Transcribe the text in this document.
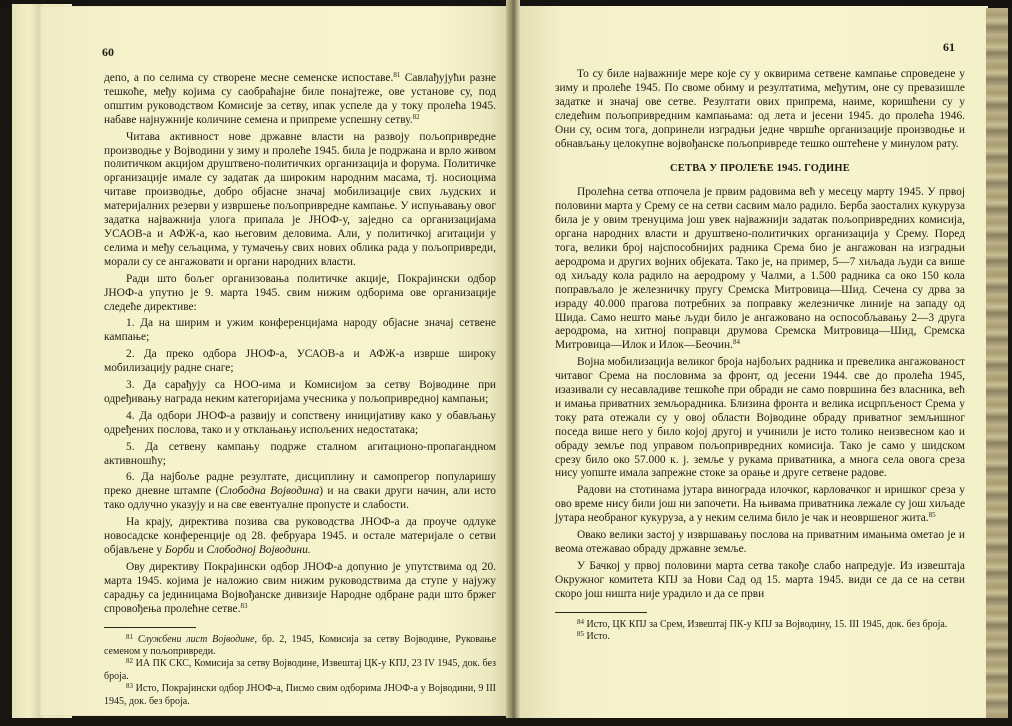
60

депо, а по селима су створене месне семенске испоставе.$^{81}$ Савлађујући разне тешкоће, међу којима су саобраћајне биле понајтеже, ове установе су, под општим руководством Комисије за сетву, ипак успеле да у току пролећа 1945. набаве најнужније количине семена и припреме успешну сетву.$^{82}$

Читава активност нове државне власти на развоју пољопривредне производње у Војводини у зиму и пролеће 1945. била је подржана и врло живом политичком акцијом друштвено-политичких организација и форума. Политичке организације имале су задатак да широким народним масама, тј. носиоцима читаве производње, добро објасне значај мобилизације свих људских и материјалних резерви у извршење пољопривредне кампање. У испуњавању овог задатка најважнија улога припала је ЈНОФ-у, заједно са организацијама УСАОВ-а и АФЖ-а, као његовим деловима. Али, у политичкој агитацији у селима и међу сељацима, у тумачењу свих нових облика рада у пољопривреди, морали су се ангажовати и органи народних власти.

Ради што бољег организовања политичке акције, Покрајински одбор ЈНОФ-а упутио је 9. марта 1945. свим нижим одборима ове организације следеће директиве:

1. Да на ширим и ужим конференцијама народу објасне значај сетвене кампање;

2. Да преко одбора ЈНОФ-а, УСАОВ-а и АФЖ-а изврше широку мобилизацију радне снаге;

3. Да сарађују са НОО-има и Комисијом за сетву Војводине при одређивању награда неким категоријама учесника у пољопривредној кампањи;

4. Да одбори ЈНОФ-а развију и сопствену иницијативу како у обављању одређених послова, тако и у отклањању испољених недостатака;

5. Да сетвену кампању подрже сталном агитационо-пропагандном активношћу;

6. Да најбоље радне резултате, дисциплину и самопрегор популаришу преко дневне штампе (Слободна Војводина) и на сваки други начин, али исто тако одлучно указују и на све евентуалне пропусте и слабости.

На крају, директива позива сва руководства ЈНОФ-а да проуче одлуке новосадске конференције од 28. фебруара 1945. и остале материјале о сетви објављене у Борби и Слободној Војводини.

Ову директиву Покрајински одбор ЈНОФ-а допунио је упутствима од 20. марта 1945. којима је наложио свим нижим руководствима да ступе у најужу сарадњу са јединицама Војвођанске дивизије Народне одбране ради што бржег спровођења пролећне сетве.$^{83}$

$^{81}$ Службени лист Војводине, бр. 2, 1945, Комисија за сетву Војводине, Руковање семеном у пољопривреди.

$^{82}$ ИА ПК СКС, Комисија за сетву Војводине, Извештај ЦК-у КПЈ, 23 IV 1945, док. без броја.

$^{83}$ Исто, Покрајински одбор ЈНОФ-а, Писмо свим одборима ЈНОФ-а у Војводини, 9 III 1945, док. без броја.

61

То су биле најважније мере које су у оквирима сетвене кампање спроведене у зиму и пролеће 1945. По своме обиму и резултатима, међутим, оне су превазишле задатке и значај ове сетве. Резултати ових припрема, наиме, коришћени су у следећим пољопривредним кампањама: од лета и јесени 1945. до пролећа 1946. Они су, осим тога, допринели изградњи једне чвршће организације производње и обнављању целокупне војвођанске пољопривреде тешко оштећене у минулом рату.

СЕТВА У ПРОЛЕЋЕ 1945. ГОДИНЕ

Пролећна сетва отпочела је првим радовима већ у месецу марту 1945. У првој половини марта у Срему се на сетви сасвим мало радило. Берба заосталих кукуруза била је у овим тренуцима још увек најважнији задатак пољопривредних комисија, органа народних власти и друштвено-политичких организација у Срему. Поред тога, велики број најспособнијих радника Срема био је ангажован на изградњи аеродрома и других војних објеката. Тако је, на пример, 5—7 хиљада људи са више од хиљаду кола радило на аеродрому у Чалми, а 1.500 радника са око 150 кола поправљало је железничку пругу Сремска Митровица—Шид. Сечена су дрва за израду 40.000 прагова потребних за поправку железничке линије на западу од Шида. Само нешто мање људи било је ангажовано на оспособљавању 2—3 друга аеродрома, на хитној поправци друмова Сремска Митровица—Шид, Сремска Митровица—Илок и Илок—Беочин.$^{84}$

Војна мобилизација великог броја најбољих радника и превелика ангажованост читавог Срема на пословима за фронт, од јесени 1944. све до пролећа 1945, изазивали су несавладиве тешкоће при обради не само површина без власника, већ и имања приватних земљорадника. Близина фронта и велика исцрпљеност Срема у току рата отежали су у овој области Војводине обраду приватног земљишног поседа више него у било којој другој и учинили је исто толико неизвесном као и обраду земље под управом пољопривредних комисија. Тако је само у шидском срезу било око 57.000 к. ј. земље у рукама приватника, а многа села овога среза нису уопште имала запрежне стоке за орање и друге сетвене радове.

Радови на стотинама јутара винограда илочког, карловачког и иришког среза у ово време нису били још ни започети. На њивама приватника лежале су још хиљаде јутара необраног кукуруза, а у неким селима било је чак и неовршеног жита.$^{85}$

Овако велики застој у извршавању послова на приватним имањима ометао је и веома отежавао обраду државне земље.

У Бачкој у првој половини марта сетва такође слабо напредује. Из извештаја Окружног комитета КПЈ за Нови Сад од 15. марта 1945. види се да се на сетви скоро још ништа није урадило и да се први

$^{84}$ Исто, ЦК КПЈ за Срем, Извештај ПК-у КПЈ за Војводину, 15. III 1945, док. без броја.

$^{85}$ Исто.
